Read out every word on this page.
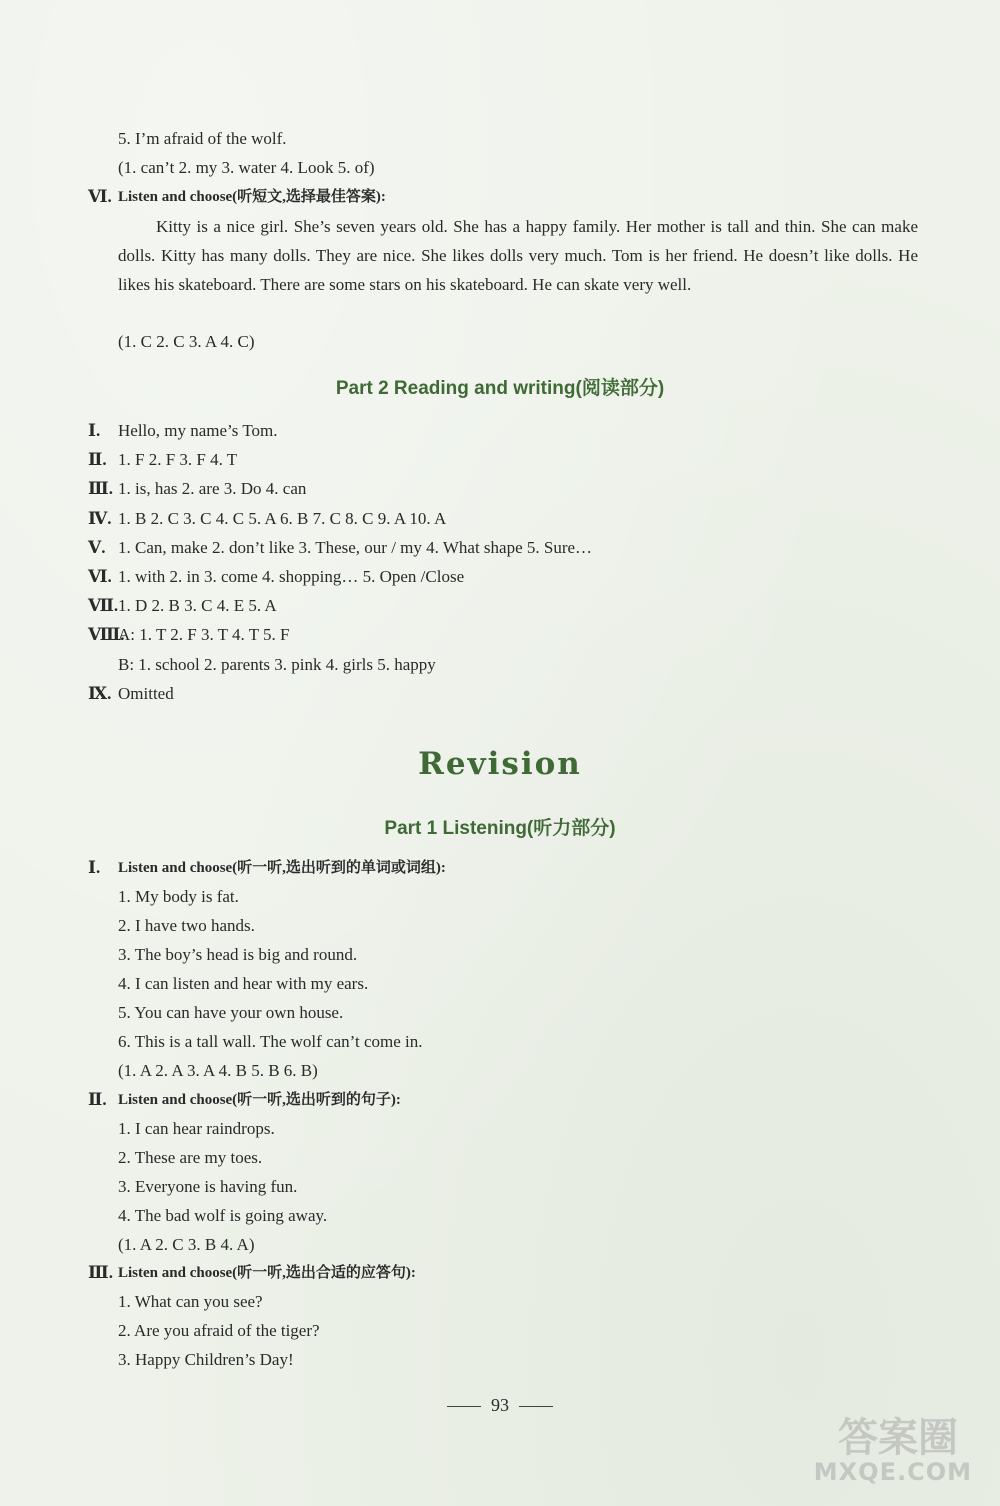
5. I’m afraid of the wolf.
(1. can’t 2. my 3. water 4. Look 5. of)
Ⅵ. Listen and choose(听短文,选择最佳答案):
Kitty is a nice girl. She’s seven years old. She has a happy family. Her mother is tall and thin. She can make dolls. Kitty has many dolls. They are nice. She likes dolls very much. Tom is her friend. He doesn’t like dolls. He likes his skateboard. There are some stars on his skateboard. He can skate very well.
(1. C 2. C 3. A 4. C)
Part 2 Reading and writing(阅读部分)
Ⅰ. Hello, my name’s Tom.
Ⅱ. 1. F 2. F 3. F 4. T
Ⅲ. 1. is, has 2. are 3. Do 4. can
Ⅳ. 1. B 2. C 3. C 4. C 5. A 6. B 7. C 8. C 9. A 10. A
Ⅴ. 1. Can, make 2. don’t like 3. These, our / my 4. What shape 5. Sure…
Ⅵ. 1. with 2. in 3. come 4. shopping… 5. Open /Close
Ⅶ. 1. D 2. B 3. C 4. E 5. A
Ⅷ.
A: 1. T 2. F 3. T 4. T 5. F
B: 1. school 2. parents 3. pink 4. girls 5. happy
Ⅸ. Omitted
Revision
Part 1 Listening(听力部分)
Ⅰ. Listen and choose(听一听,选出听到的单词或词组):
1. My body is fat.
2. I have two hands.
3. The boy’s head is big and round.
4. I can listen and hear with my ears.
5. You can have your own house.
6. This is a tall wall. The wolf can’t come in.
(1. A 2. A 3. A 4. B 5. B 6. B)
Ⅱ. Listen and choose(听一听,选出听到的句子):
1. I can hear raindrops.
2. These are my toes.
3. Everyone is having fun.
4. The bad wolf is going away.
(1. A 2. C 3. B 4. A)
Ⅲ. Listen and choose(听一听,选出合适的应答句):
1. What can you see?
2. Are you afraid of the tiger?
3. Happy Children’s Day!
93
答案圈
MXQE.COM
